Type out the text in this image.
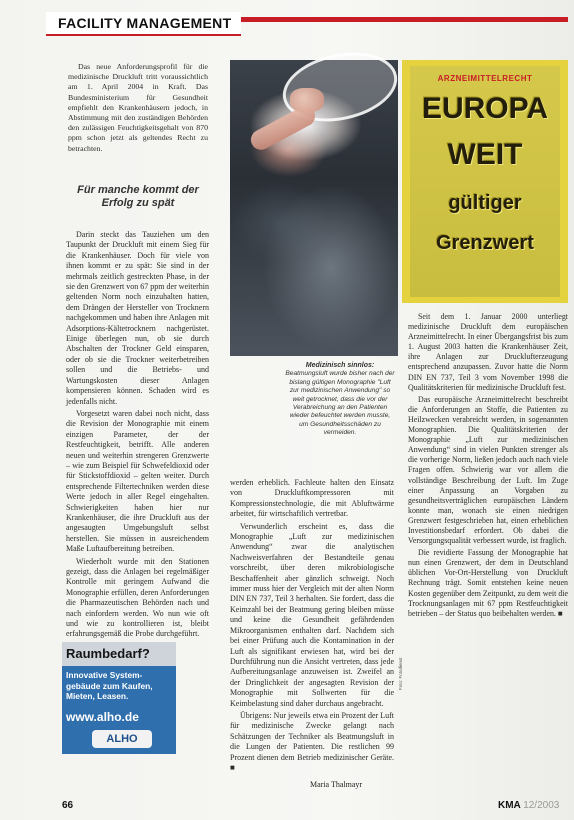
FACILITY MANAGEMENT

Das neue Anforderungsprofil für die medizinische Druckluft tritt voraussichtlich am 1. April 2004 in Kraft. Das Bundesministerium für Gesundheit empfiehlt den Krankenhäusern jedoch, in Abstimmung mit den zuständigen Behörden den zulässigen Feuchtigkeitsgehalt von 870 ppm schon jetzt als geltendes Recht zu betrachten.

Für manche kommt der Erfolg zu spät

Darin steckt das Tauziehen um den Taupunkt der Druckluft mit einem Sieg für die Krankenhäuser. Doch für viele von ihnen kommt er zu spät: Sie sind in der mehrmals zeitlich gestreckten Phase, in der sie den Grenzwert von 67 ppm der weiterhin geltenden Norm noch einzuhalten hatten, dem Drängen der Hersteller von Trocknern nachgekommen und haben ihre Anlagen mit Adsorptions-Kältetrocknern nachgerüstet. Einige überlegen nun, ob sie durch Abschalten der Trockner Geld einsparen, oder ob sie die Trockner weiterbetreiben sollen und die Betriebs- und Wartungskosten dieser Anlagen kompensieren können. Schaden wird es jedenfalls nicht.

Vorgesetzt waren dabei noch nicht, dass die Revision der Monographie mit einem einzigen Parameter, der der Restfeuchtigkeit, betrifft. Alle anderen neuen und weiterhin strengeren Grenzwerte – wie zum Beispiel für Schwefeldioxid oder für Stickstoffdioxid – gelten weiter. Durch entsprechende Filtertechniken werden diese Werte jedoch in aller Regel eingehalten. Schwierigkeiten haben hier nur Krankenhäuser, die ihre Druckluft aus der angesaugten Umgebungsluft selbst herstellen. Sie müssen in ausreichendem Maße Luftaufbereitung betreiben.

Wiederholt wurde mit den Stationen gezeigt, dass die Anlagen bei regelmäßiger Kontrolle mit geringem Aufwand die Monographie erfüllen, deren Anforderungen die Pharmazeutischen Behörden nach und nach einfordern werden. Wo nun wie oft und wie zu kontrollieren ist, bleibt erfahrungsgemäß die Probe durchgeführt.

Medizinisch sinnlos:
Beatmungsluft wurde bisher nach der bislang gültigen Monographie "Luft zur medizinischen Anwendung" so weit getrocknet, dass die vor der Verabreichung an den Patienten wieder befeuchtet werden musste, um Gesundheitsschäden zu vermeiden.

werden erheblich. Fachleute halten den Einsatz von Druckluftkompressoren mit Kompressionstechnologie, die mit Abluftwärme arbeitet, für wirtschaftlich vertretbar.

Verwunderlich erscheint es, dass die Monographie „Luft zur medizinischen Anwendung“ zwar die analytischen Nachweisverfahren der Bestandteile genau vorschreibt, über deren mikrobiologische Beschaffenheit aber gänzlich schweigt. Noch immer muss hier der Vergleich mit der alten Norm DIN EN 737, Teil 3 herhalten. Sie fordert, dass die Keimzahl bei der Beatmung gering bleiben müsse und keine die Gesundheit gefährdenden Mikroorganismen enthalten darf. Nachdem sich bei einer Prüfung auch die Kontamination in der Luft als signifikant erwiesen hat, wird bei der Durchführung nun die Ansicht vertreten, dass jede Aufbereitungsanlage anzuweisen ist. Zweifel an der Dringlichkeit der angesagten Revision der Monographie mit Sollwerten für die Keimbelastung sind daher durchaus angebracht.

Übrigens: Nur jeweils etwa ein Prozent der Luft für medizinische Zwecke gelangt nach Schätzungen der Techniker als Beatmungsluft in die Lungen der Patienten. Die restlichen 99 Prozent dienen dem Betrieb medizinischer Geräte. ■

Maria Thalmayr
Foto: Fotodienst
ARZNEIMITTELRECHT
EUROPA
WEIT
gültiger
Grenzwert

Seit dem 1. Januar 2000 unterliegt medizinische Druckluft dem europäischen Arzneimittelrecht. In einer Übergangsfrist bis zum 1. August 2003 hatten die Krankenhäuser Zeit, ihre Anlagen zur Drucklufterzeugung entsprechend anzupassen. Zuvor hatte die Norm DIN EN 737, Teil 3 vom November 1998 die Qualitätskriterien für medizinische Druckluft fest.

Das europäische Arzneimittelrecht beschreibt die Anforderungen an Stoffe, die Patienten zu Heilzwecken verabreicht werden, in sogenannten Monographien. Die Qualitätskriterien der Monographie „Luft zur medizinischen Anwendung“ sind in vielen Punkten strenger als die vorherige Norm, ließen jedoch auch nach viele Fragen offen. Schwierig war vor allem die vollständige Beschreibung der Luft. Im Zuge einer Anpassung an Vorgaben zu gesundheitsverträglichen europäischen Ländern konnte man, wonach sie einen niedrigen Grenzwert festgeschrieben hat, einen erheblichen Investitionsbedarf erfordert. Ob dabei die Versorgungsqualität verbessert wurde, ist fraglich.

Die revidierte Fassung der Monographie hat nun einen Grenzwert, der dem in Deutschland üblichen Vor-Ort-Herstellung von Druckluft Rechnung trägt. Somit entstehen keine neuen Kosten gegenüber dem Zeitpunkt, zu dem weit die Trocknungsanlagen mit 67 ppm Restfeuchtigkeit betrieben – der Status quo beibehalten werden. ■

Raumbedarf?
Innovative System-gebäude zum Kaufen, Mieten, Leasen.
www.alho.de
ALHO
66	KMA 12/2003
